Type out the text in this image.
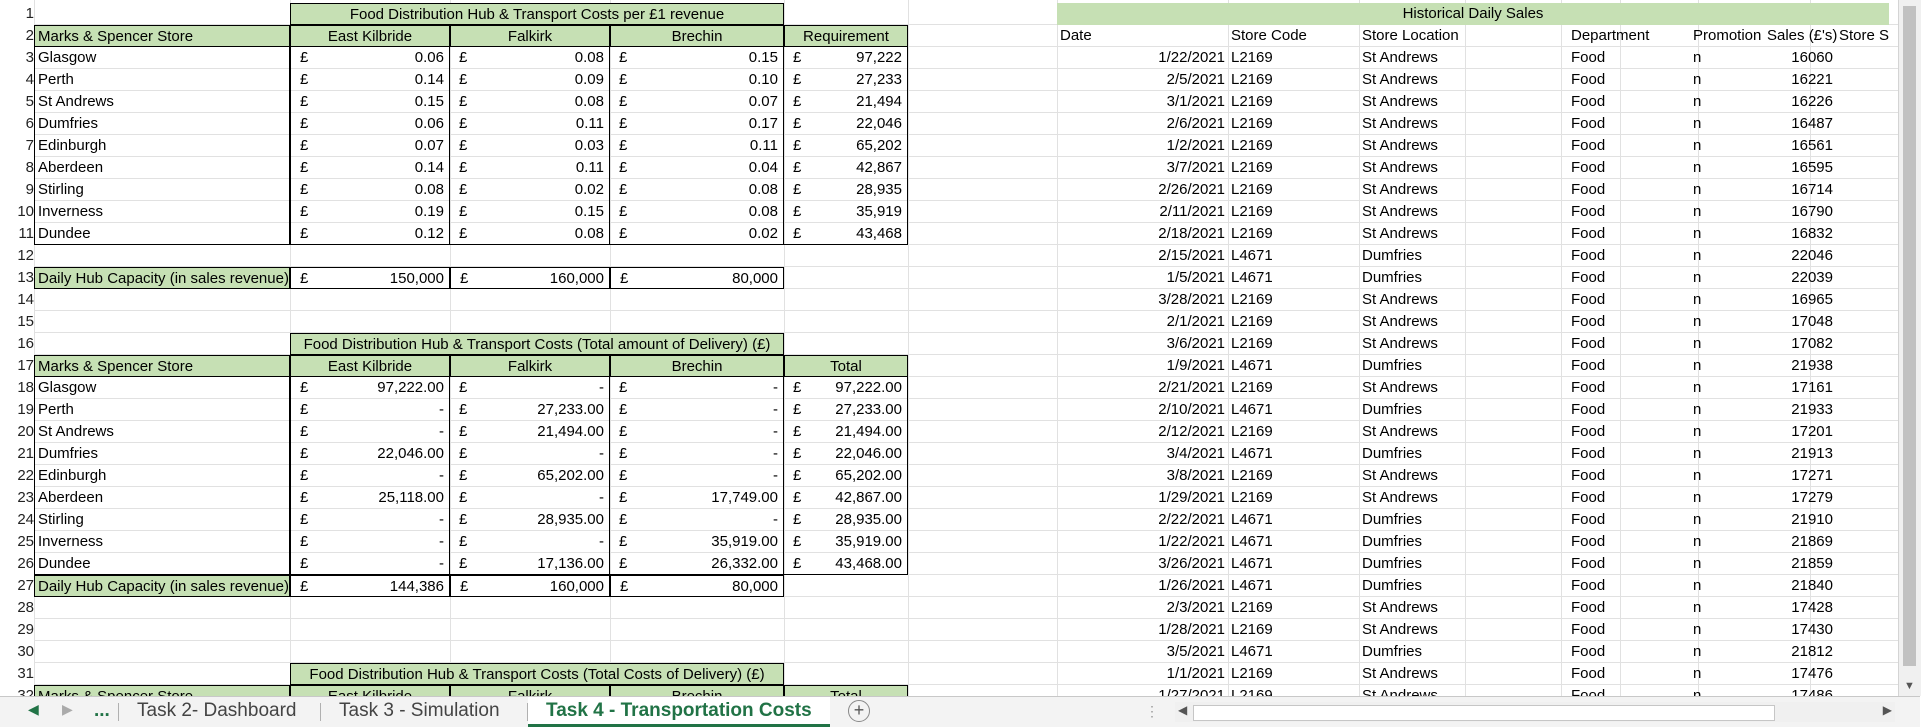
1
2
3
4
5
6
7
8
9
10
11
12
13
14
15
16
17
18
19
20
21
22
23
24
25
26
27
28
29
30
31
Food Distribution Hub & Transport Costs per £1 revenue
Marks & Spencer Store	East Kilbride	Falkirk	Brechin	Requirement
Glasgow	£	0.06 £	0.08 £	0.15 £	97,222
Perth	£	0.14 £	0.09 £	0.10 £	27,233
St Andrews	£	0.15 £	0.08 £	0.07 £	21,494
Dumfries	£	0.06 £	0.11 £	0.17 £	22,046
Edinburgh	£	0.07 £	0.03 £	0.11 £	65,202
Aberdeen	£	0.14 £	0.11 £	0.04 £	42,867
Stirling	£	0.08 £	0.02 £	0.08 £	28,935
Inverness	£	0.19 £	0.15 £	0.08 £	35,919
Dundee	£	0.12 £	0.08 £	0.02 £	43,468
Daily Hub Capacity (in sales revenue) £	150,000 £	160,000 £	80,000
Food Distribution Hub & Transport Costs (Total amount of Delivery) (£)
Marks & Spencer Store	East Kilbride	Falkirk	Brechin	Total
Glasgow	£	97,222.00 £	- £	- £ 97,222.00
Perth	£	- £	27,233.00 £	- £ 27,233.00
St Andrews	£	- £	21,494.00 £	- £ 21,494.00
Dumfries	£	22,046.00 £	- £	- £ 22,046.00
Edinburgh	£	- £	65,202.00 £	- £ 65,202.00
Aberdeen	£	25,118.00 £	- £	17,749.00 £ 42,867.00
Stirling	£	- £	28,935.00 £	- £ 28,935.00
Inverness	£	- £	- £	35,919.00 £ 35,919.00
Dundee	£	- £	17,136.00 £	26,332.00 £ 43,468.00
Daily Hub Capacity (in sales revenue) £	144,386 £	160,000 £	80,000
Food Distribution Hub & Transport Costs (Total Costs of Delivery) (£)
Historical Daily Sales
Date	Store Code	Store Location	Department	Promotion Sales (£'s) Store S
1/22/2021 L2169	St Andrews	Food	n	16060
2/5/2021 L2169	St Andrews	Food	n	16221
3/1/2021 L2169	St Andrews	Food	n	16226
2/6/2021 L2169	St Andrews	Food	n	16487
1/2/2021 L2169	St Andrews	Food	n	16561
3/7/2021 L2169	St Andrews	Food	n	16595
2/26/2021 L2169	St Andrews	Food	n	16714
2/11/2021 L2169	St Andrews	Food	n	16790
2/18/2021 L2169	St Andrews	Food	n	16832
2/15/2021 L4671	Dumfries	Food	n	22046
1/5/2021 L4671	Dumfries	Food	n	22039
3/28/2021 L2169	St Andrews	Food	n	16965
2/1/2021 L2169	St Andrews	Food	n	17048
3/6/2021 L2169	St Andrews	Food	n	17082
1/9/2021 L4671	Dumfries	Food	n	21938
2/21/2021 L2169	St Andrews	Food	n	17161
2/10/2021 L4671	Dumfries	Food	n	21933
2/12/2021 L2169	St Andrews	Food	n	17201
3/4/2021 L4671	Dumfries	Food	n	21913
3/8/2021 L2169	St Andrews	Food	n	17271
1/29/2021 L2169	St Andrews	Food	n	17279
2/22/2021 L4671	Dumfries	Food	n	21910
1/22/2021 L4671	Dumfries	Food	n	21869
3/26/2021 L4671	Dumfries	Food	n	21859
1/26/2021 L4671	Dumfries	Food	n	21840
2/3/2021 L2169	St Andrews	Food	n	17428
1/28/2021 L2169	St Andrews	Food	n	17430
3/5/2021 L4671	Dumfries	Food	n	21812
1/1/2021 L2169	St Andrews	Food	n	17476
▼
◀ ▶	...	Task 2- Dashboard	Task 3 - Simulation	Task 4 - Transportation Costs	+	⋮ ◀	▶
